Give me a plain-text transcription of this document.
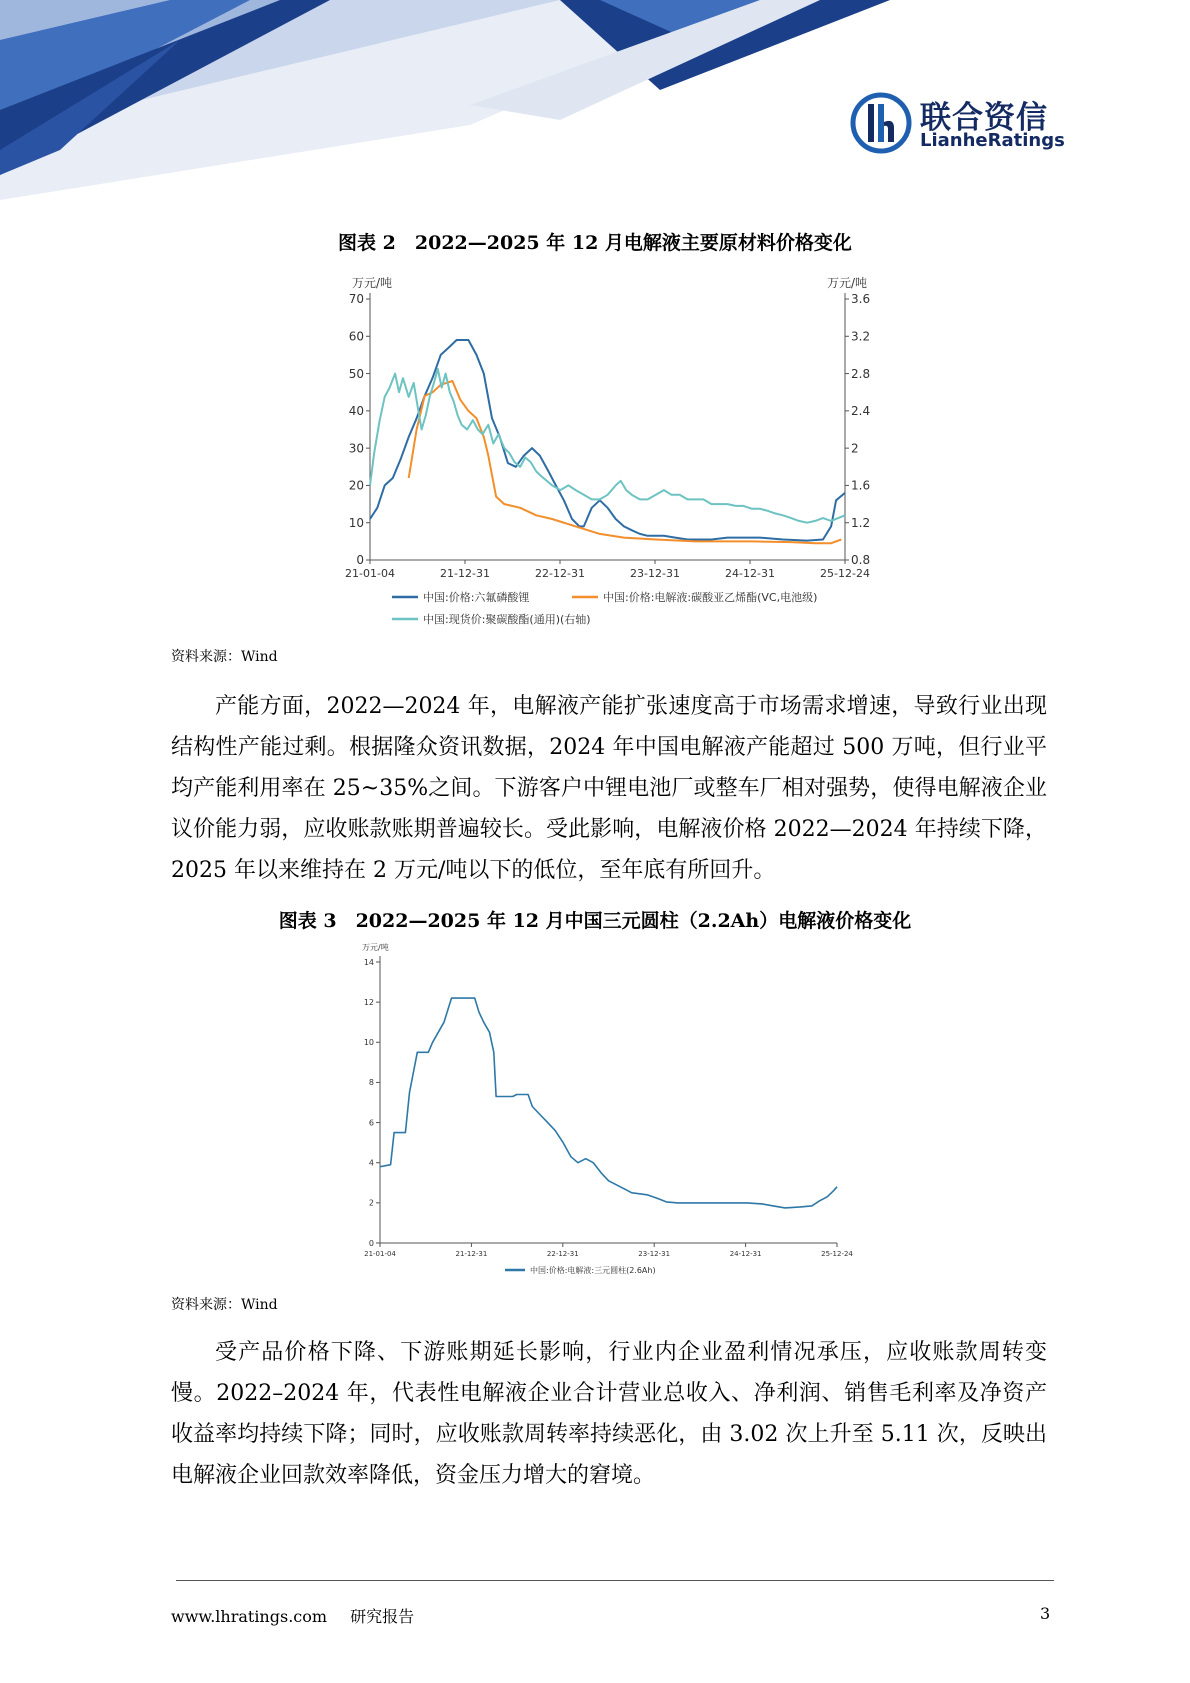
联合资信
LianheRatings
图表 2　2022—2025 年 12 月电解液主要原材料价格变化
万元/吨	万元/吨
0
10
20
30
40
50
60
70
0.8
1.2
1.6
2
2.4
2.8
3.2
3.6
21-01-04	21-12-31	22-12-31	23-12-31	24-12-31	25-12-24
中国:价格:六氟磷酸锂	中国:价格:电解液:碳酸亚乙烯酯(VC,电池级)
中国:现货价:聚碳酸酯(通用)(右轴)
资料来源：Wind

产能方面，2022—2024 年，电解液产能扩张速度高于市场需求增速，导致行业出现结构性产能过剩。根据隆众资讯数据，2024 年中国电解液产能超过 500 万吨，但行业平均产能利用率在 25~35%之间。下游客户中锂电池厂或整车厂相对强势，使得电解液企业议价能力弱，应收账款账期普遍较长。受此影响，电解液价格 2022—2024 年持续下降，2025 年以来维持在 2 万元/吨以下的低位，至年底有所回升。

图表 3　2022—2025 年 12 月中国三元圆柱（2.2Ah）电解液价格变化
万元/吨
0
2
4
6
8
10
12
14
21-01-04	21-12-31	22-12-31	23-12-31	24-12-31	25-12-24
中国:价格:电解液:三元圆柱(2.6Ah)
资料来源：Wind

受产品价格下降、下游账期延长影响，行业内企业盈利情况承压，应收账款周转变慢。2022–2024 年，代表性电解液企业合计营业总收入、净利润、销售毛利率及净资产收益率均持续下降；同时，应收账款周转率持续恶化，由 3.02 次上升至 5.11 次，反映出电解液企业回款效率降低，资金压力增大的窘境。

www.lhratings.com 研究报告	3
